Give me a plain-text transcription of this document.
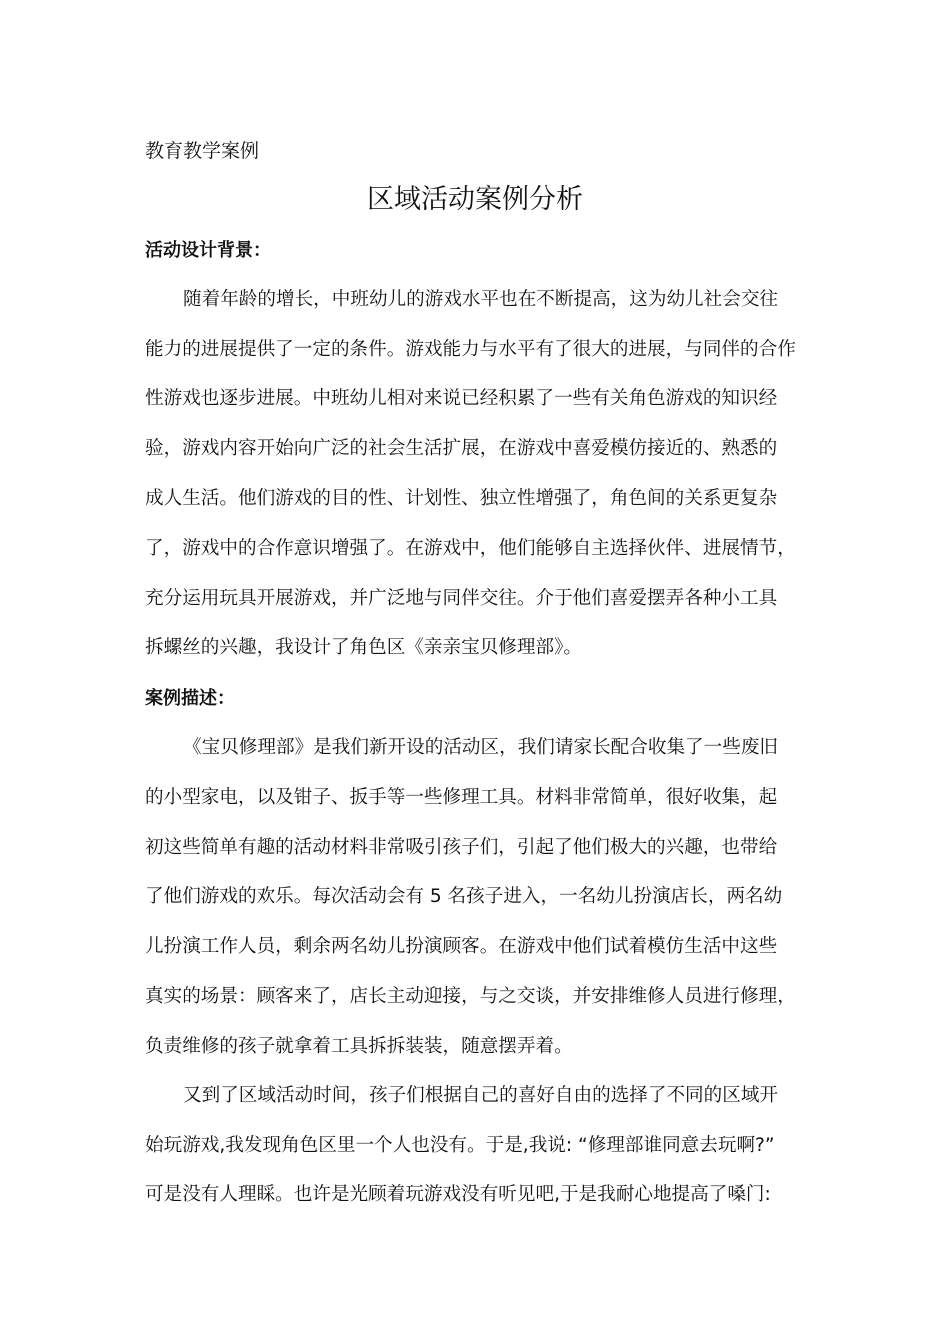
教育教学案例
区域活动案例分析
活动设计背景：
随着年龄的增长，中班幼儿的游戏水平也在不断提高，这为幼儿社会交往
能力的进展提供了一定的条件。游戏能力与水平有了很大的进展，与同伴的合作
性游戏也逐步进展。中班幼儿相对来说已经积累了一些有关角色游戏的知识经
验，游戏内容开始向广泛的社会生活扩展，在游戏中喜爱模仿接近的、熟悉的
成人生活。他们游戏的目的性、计划性、独立性增强了，角色间的关系更复杂
了，游戏中的合作意识增强了。在游戏中，他们能够自主选择伙伴、进展情节，
充分运用玩具开展游戏，并广泛地与同伴交往。介于他们喜爱摆弄各种小工具
拆螺丝的兴趣，我设计了角色区《亲亲宝贝修理部》。
案例描述：
《宝贝修理部》是我们新开设的活动区，我们请家长配合收集了一些废旧
的小型家电，以及钳子、扳手等一些修理工具。材料非常简单，很好收集，起
初这些简单有趣的活动材料非常吸引孩子们，引起了他们极大的兴趣，也带给
了他们游戏的欢乐。每次活动会有 5 名孩子进入，一名幼儿扮演店长，两名幼
儿扮演工作人员，剩余两名幼儿扮演顾客。在游戏中他们试着模仿生活中这些
真实的场景：顾客来了，店长主动迎接，与之交谈，并安排维修人员进行修理，
负责维修的孩子就拿着工具拆拆装装，随意摆弄着。
又到了区域活动时间，孩子们根据自己的喜好自由的选择了不同的区域开
始玩游戏,我发现角色区里一个人也没有。于是,我说: “修理部谁同意去玩啊?”
可是没有人理睬。也许是光顾着玩游戏没有听见吧,于是我耐心地提高了嗓门:
